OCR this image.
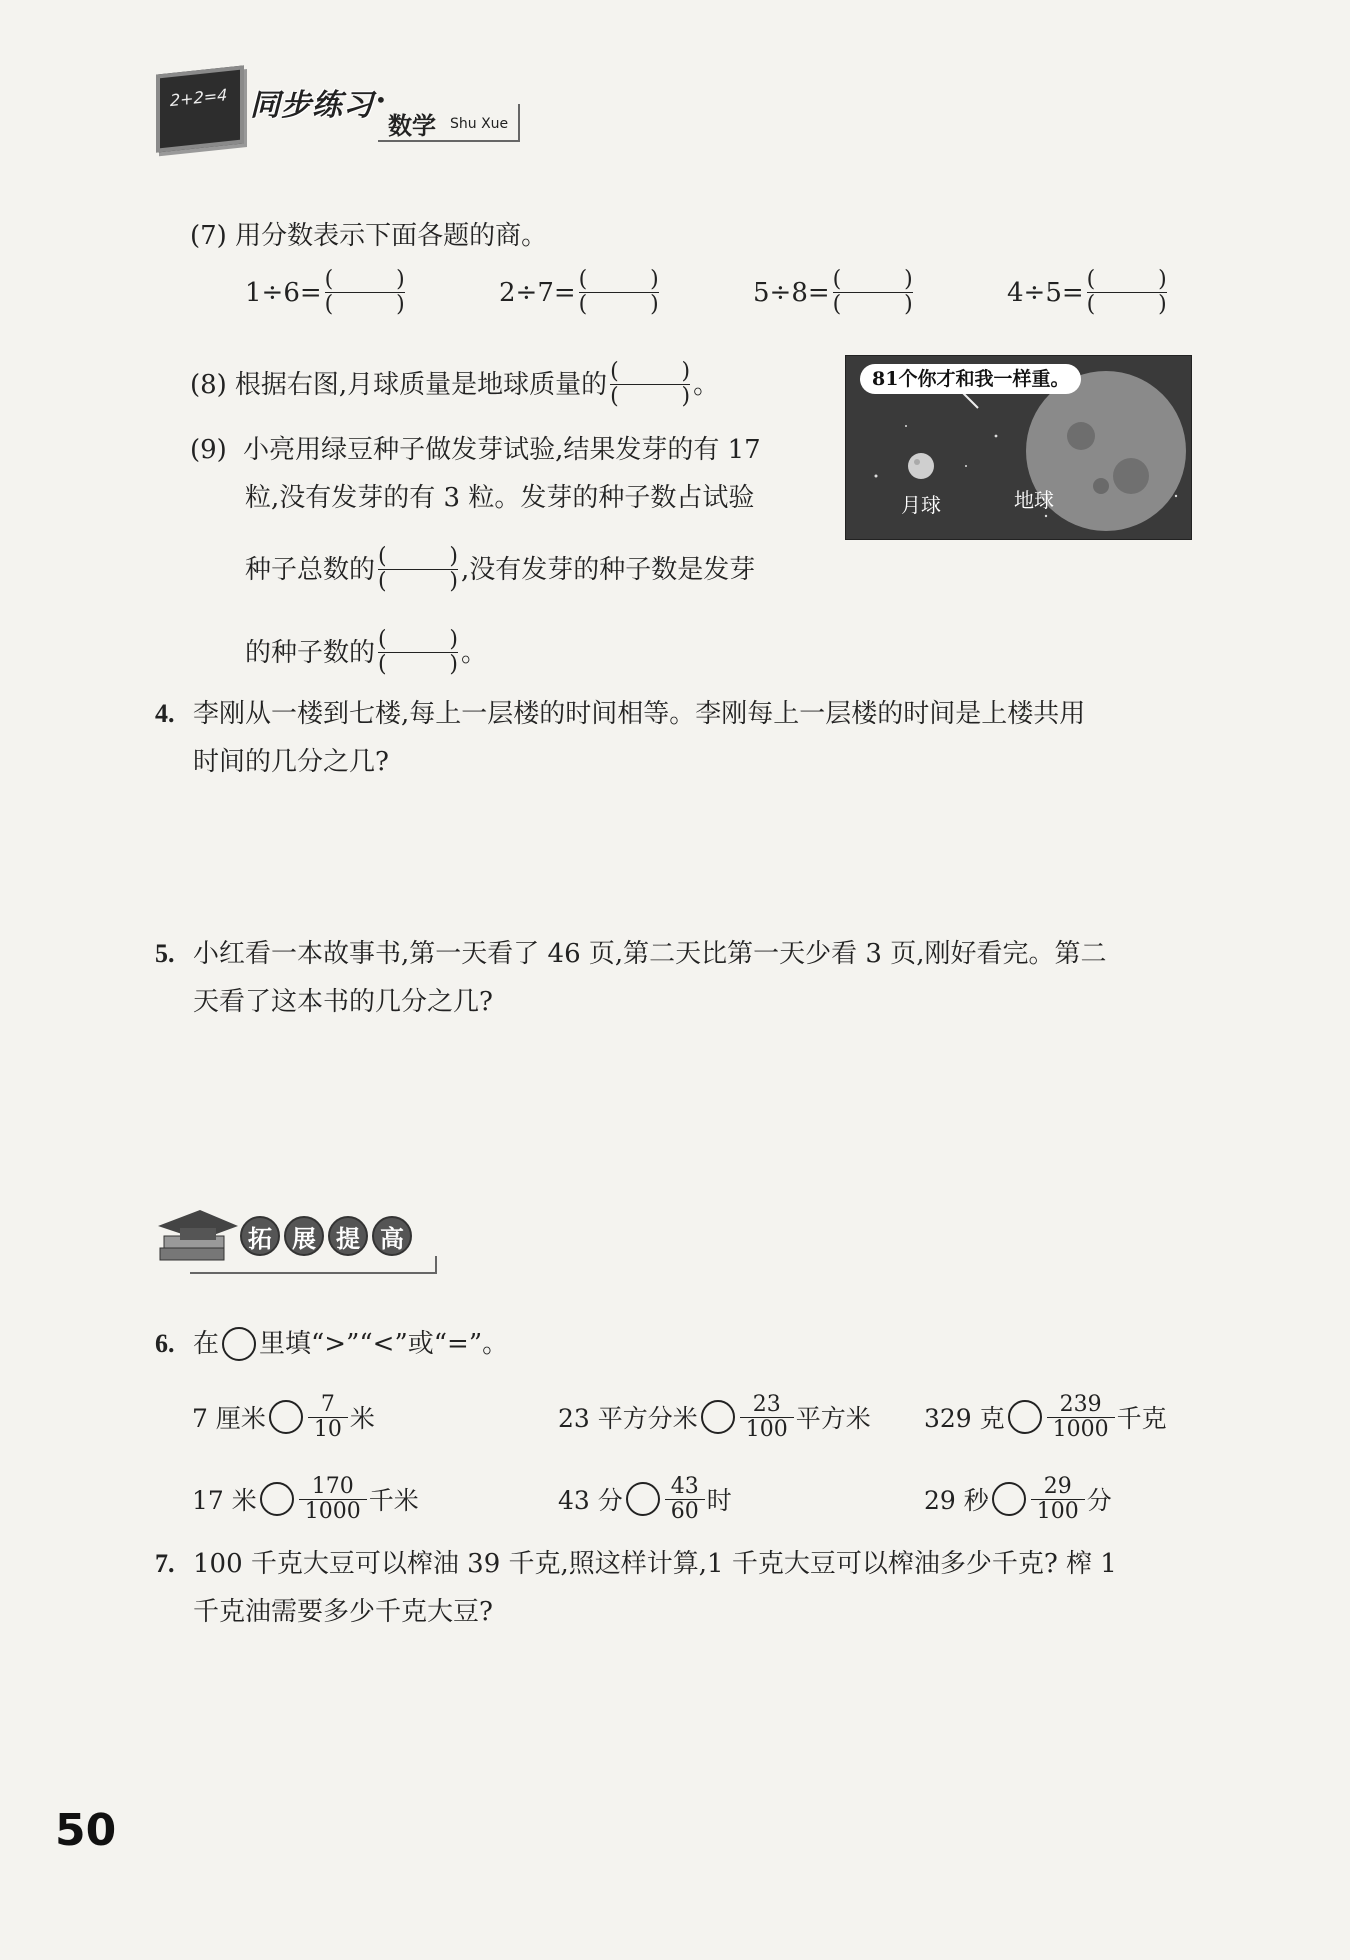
2+2=4 同步练习 •
数学 Shu Xue
(7) 用分数表示下面各题的商。
1÷6= (	)
(	)	2÷7= (	)
(	)	5÷8= (	)
(	)	4÷5= (	)
(	)
(8) 根据右图,月球质量是地球质量的 (	)
(	) 。
(9) 小亮用绿豆种子做发芽试验,结果发芽的有 17
粒,没有发芽的有 3 粒。发芽的种子数占试验
种子总数的 (	)
(	) ,没有发芽的种子数是发芽
的种子数的 (	)
(	) 。
81个你才和我一样重。
月球	地球
4. 李刚从一楼到七楼,每上一层楼的时间相等。李刚每上一层楼的时间是上楼共用
时间的几分之几?
5. 小红看一本故事书,第一天看了 46 页,第二天比第一天少看 3 页,刚好看完。第二
天看了这本书的几分之几?
拓 展 提 高
6. 在 里填“>”“<”或“=”。
7 厘米 $\frac{7}{10}$ 米	23 平方分米 $\frac{23}{100}$ 平方米 329 克 $\frac{239}{1000}$ 千克
17 米 $\frac{170}{1000}$ 千米	43 分 $\frac{43}{60}$ 时	29 秒 $\frac{29}{100}$ 分
7. 100 千克大豆可以榨油 39 千克,照这样计算,1 千克大豆可以榨油多少千克? 榨 1
千克油需要多少千克大豆?
50
